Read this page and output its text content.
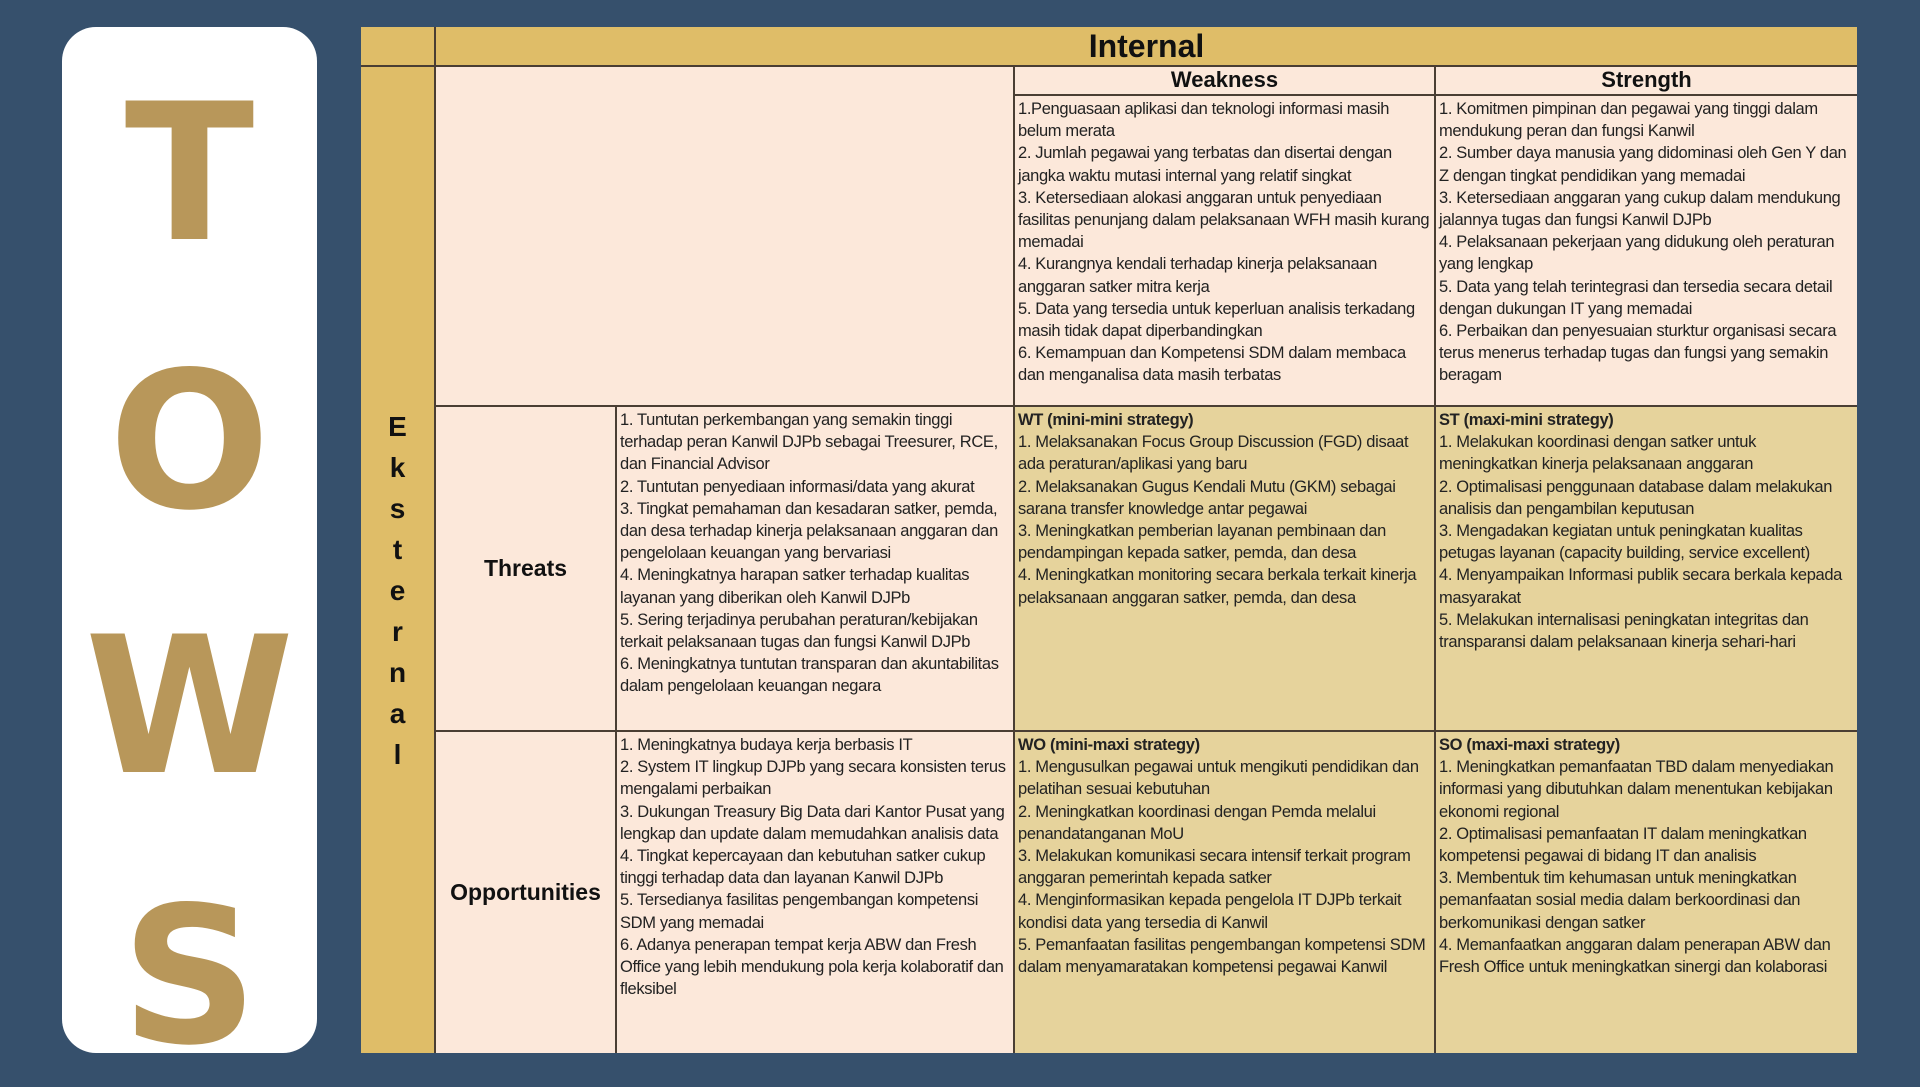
T
O
W
S
Internal
E
k
s
t
e
r
n
a
l
Weakness	Strength
1.Penguasaan aplikasi dan teknologi informasi masih belum merata
2. Jumlah pegawai yang terbatas dan disertai dengan jangka waktu mutasi internal yang relatif singkat
3. Ketersediaan alokasi anggaran untuk penyediaan fasilitas penunjang dalam pelaksanaan WFH masih kurang memadai
4. Kurangnya kendali terhadap kinerja pelaksanaan anggaran satker mitra kerja
5. Data yang tersedia untuk keperluan analisis terkadang masih tidak dapat diperbandingkan
6. Kemampuan dan Kompetensi SDM dalam membaca dan menganalisa data masih terbatas
1. Komitmen pimpinan dan pegawai yang tinggi dalam mendukung peran dan fungsi Kanwil
2. Sumber daya manusia yang didominasi oleh Gen Y dan Z dengan tingkat pendidikan yang memadai
3. Ketersediaan anggaran yang cukup dalam mendukung jalannya tugas dan fungsi Kanwil DJPb
4. Pelaksanaan pekerjaan yang didukung oleh peraturan yang lengkap
5. Data yang telah terintegrasi dan tersedia secara detail dengan dukungan IT yang memadai
6. Perbaikan dan penyesuaian sturktur organisasi secara terus menerus terhadap tugas dan fungsi yang semakin beragam
Threats
1. Tuntutan perkembangan yang semakin tinggi terhadap peran Kanwil DJPb sebagai Treesurer, RCE, dan Financial Advisor
2. Tuntutan penyediaan informasi/data yang akurat
3. Tingkat pemahaman dan kesadaran satker, pemda, dan desa terhadap kinerja pelaksanaan anggaran dan pengelolaan keuangan yang bervariasi
4. Meningkatnya harapan satker terhadap kualitas layanan yang diberikan oleh Kanwil DJPb
5. Sering terjadinya perubahan peraturan/kebijakan terkait pelaksanaan tugas dan fungsi Kanwil DJPb
6. Meningkatnya tuntutan transparan dan akuntabilitas dalam pengelolaan keuangan negara
WT (mini-mini strategy)
1. Melaksanakan Focus Group Discussion (FGD) disaat ada peraturan/aplikasi yang baru
2. Melaksanakan Gugus Kendali Mutu (GKM) sebagai sarana transfer knowledge antar pegawai
3. Meningkatkan pemberian layanan pembinaan dan pendampingan kepada satker, pemda, dan desa
4. Meningkatkan monitoring secara berkala terkait kinerja pelaksanaan anggaran satker, pemda, dan desa
ST (maxi-mini strategy)
1. Melakukan koordinasi dengan satker untuk meningkatkan kinerja pelaksanaan anggaran
2. Optimalisasi penggunaan database dalam melakukan analisis dan pengambilan keputusan
3. Mengadakan kegiatan untuk peningkatan kualitas petugas layanan (capacity building, service excellent)
4. Menyampaikan Informasi publik secara berkala kepada masyarakat
5. Melakukan internalisasi peningkatan integritas dan transparansi dalam pelaksanaan kinerja sehari-hari
Opportunities
1. Meningkatnya budaya kerja berbasis IT
2. System IT lingkup DJPb yang secara konsisten terus mengalami perbaikan
3. Dukungan Treasury Big Data dari Kantor Pusat yang lengkap dan update dalam memudahkan analisis data
4. Tingkat kepercayaan dan kebutuhan satker cukup tinggi terhadap data dan layanan Kanwil DJPb
5. Tersedianya fasilitas pengembangan kompetensi SDM yang memadai
6. Adanya penerapan tempat kerja ABW dan Fresh Office yang lebih mendukung pola kerja kolaboratif dan fleksibel
WO (mini-maxi strategy)
1. Mengusulkan pegawai untuk mengikuti pendidikan dan pelatihan sesuai kebutuhan
2. Meningkatkan koordinasi dengan Pemda melalui penandatanganan MoU
3. Melakukan komunikasi secara intensif terkait program anggaran pemerintah kepada satker
4. Menginformasikan kepada pengelola IT DJPb terkait kondisi data yang tersedia di Kanwil
5. Pemanfaatan fasilitas pengembangan kompetensi SDM dalam menyamaratakan kompetensi pegawai Kanwil
SO (maxi-maxi strategy)
1. Meningkatkan pemanfaatan TBD dalam menyediakan informasi yang dibutuhkan dalam menentukan kebijakan ekonomi regional
2. Optimalisasi pemanfaatan IT dalam meningkatkan kompetensi pegawai di bidang IT dan analisis
3. Membentuk tim kehumasan untuk meningkatkan pemanfaatan sosial media dalam berkoordinasi dan berkomunikasi dengan satker
4. Memanfaatkan anggaran dalam penerapan ABW dan Fresh Office untuk meningkatkan sinergi dan kolaborasi
